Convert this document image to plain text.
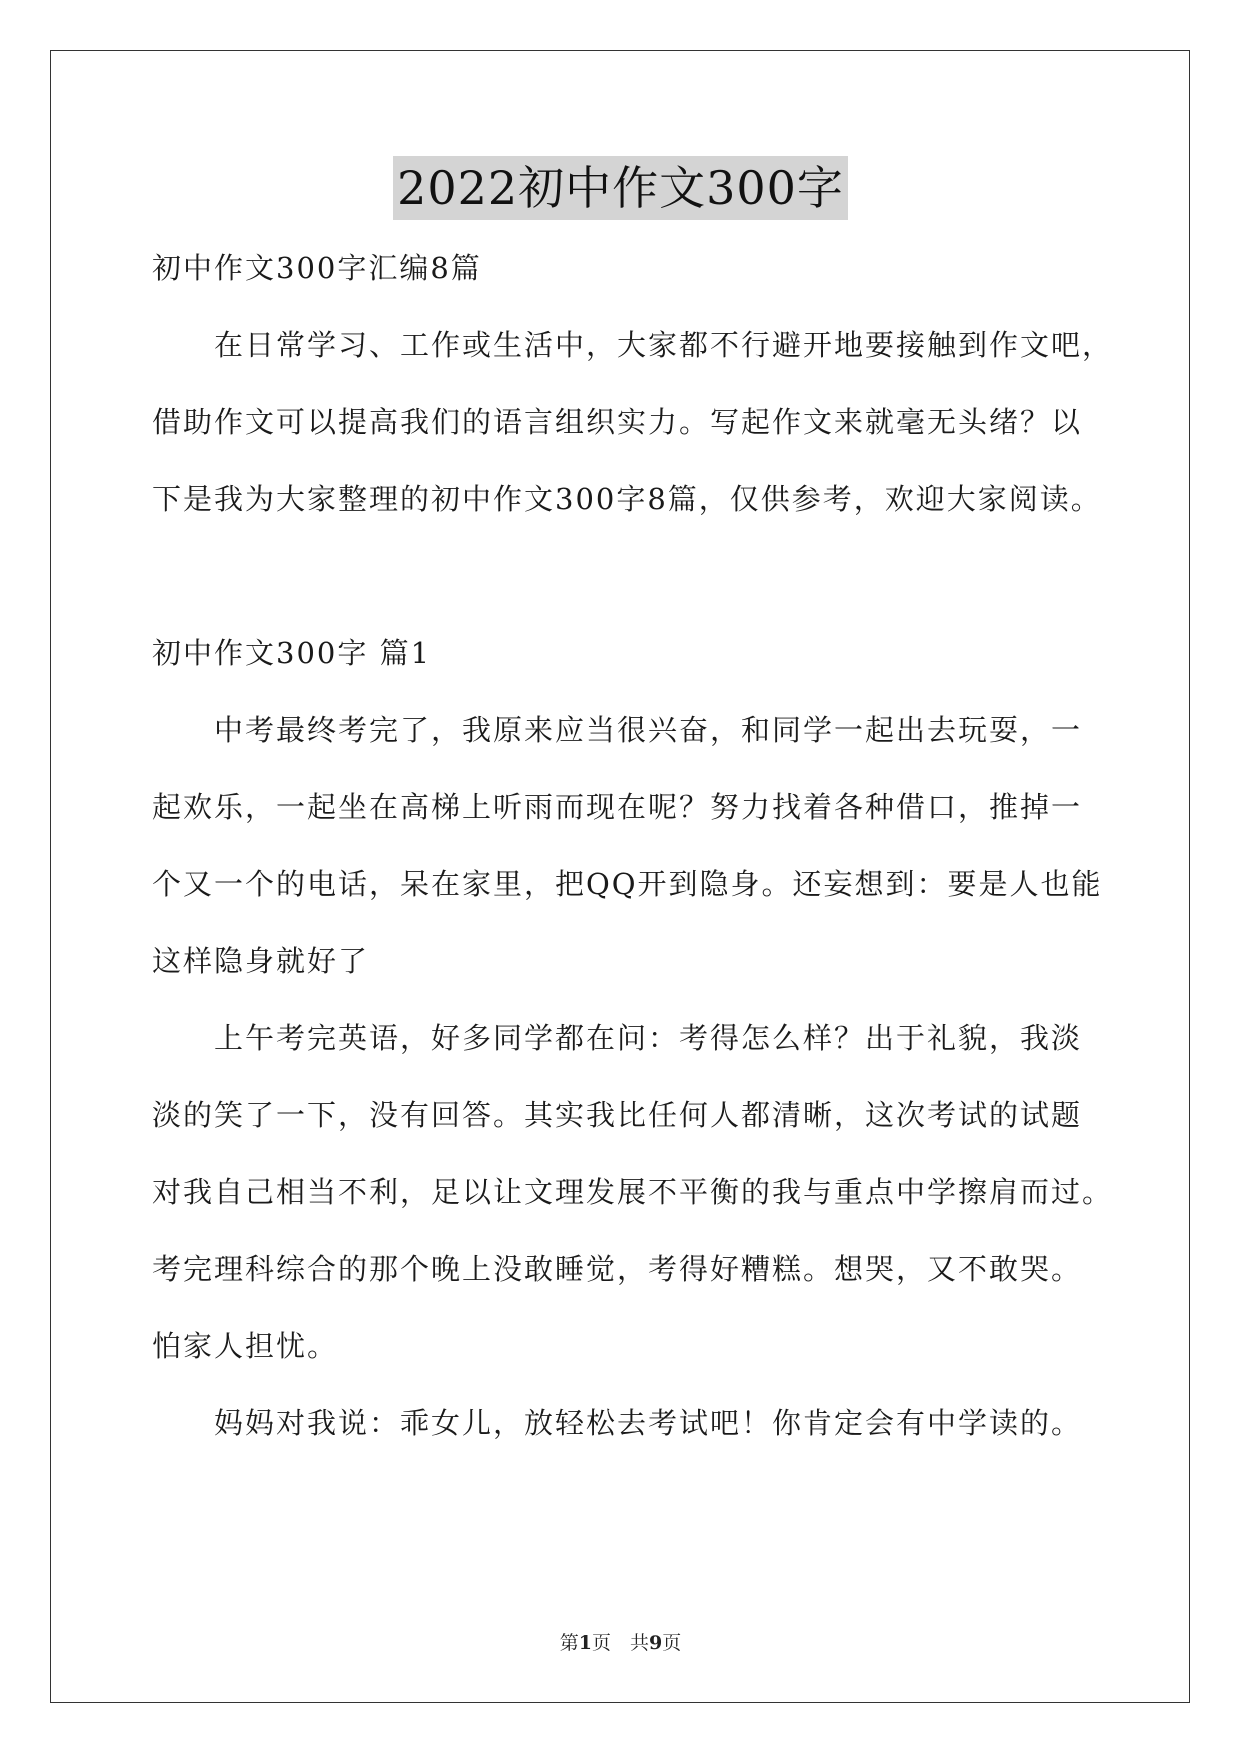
2022初中作文300字
初中作文300字汇编8篇
　　在日常学习、工作或生活中，大家都不行避开地要接触到作文吧，
借助作文可以提高我们的语言组织实力。写起作文来就毫无头绪？以
下是我为大家整理的初中作文300字8篇，仅供参考，欢迎大家阅读。
初中作文300字 篇1
　　中考最终考完了，我原来应当很兴奋，和同学一起出去玩耍，一
起欢乐，一起坐在高梯上听雨而现在呢？努力找着各种借口，推掉一
个又一个的电话，呆在家里，把QQ开到隐身。还妄想到：要是人也能
这样隐身就好了
　　上午考完英语，好多同学都在问：考得怎么样？出于礼貌，我淡
淡的笑了一下，没有回答。其实我比任何人都清晰，这次考试的试题
对我自己相当不利，足以让文理发展不平衡的我与重点中学擦肩而过。
考完理科综合的那个晚上没敢睡觉，考得好糟糕。想哭，又不敢哭。
怕家人担忧。
　　妈妈对我说：乖女儿，放轻松去考试吧！你肯定会有中学读的。
第1页　共9页
